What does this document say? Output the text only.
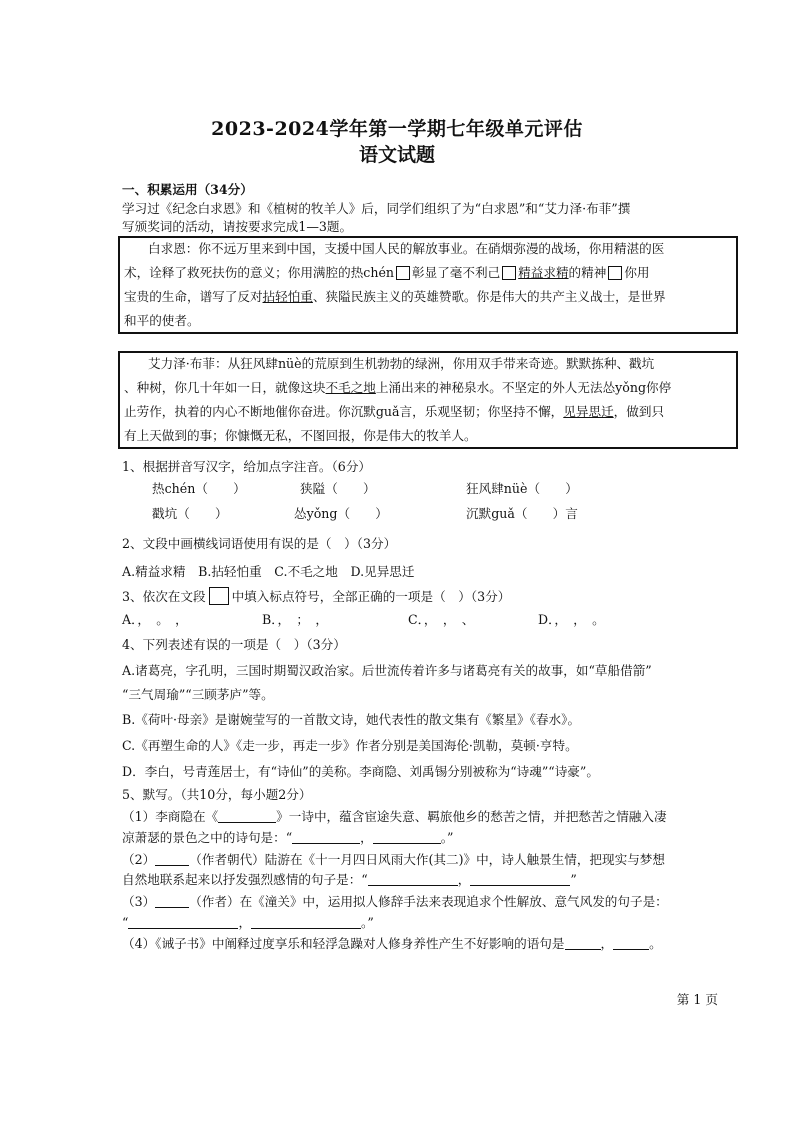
2023-2024学年第一学期七年级单元评估
语文试题
一、积累运用（34分）
学习过《纪念白求恩》和《植树的牧羊人》后，同学们组织了为“白求恩”和“艾力泽·布菲”撰
写颁奖词的活动，请按要求完成1—3题。
白求恩：你不远万里来到中国，支援中国人民的解放事业。在硝烟弥漫的战场，你用精湛的医
术，诠释了救死扶伤的意义；你用满腔的热chén 彰显了毫不利己 精益求精的精神 你用
宝贵的生命，谱写了反对拈轻怕重、狭隘民族主义的英雄赞歌。你是伟大的共产主义战士，是世界
和平的使者。
艾力泽·布菲：从狂风肆nüè的荒原到生机勃勃的绿洲，你用双手带来奇迹。默默拣种、戳坑
、种树，你几十年如一日，就像这块不毛之地上涌出来的神秘泉水。不坚定的外人无法怂yǒng你停
止劳作，执着的内心不断地催你奋进。你沉默guǎ言，乐观坚韧；你坚持不懈，见异思迁，做到只
有上天做到的事；你慷慨无私，不图回报，你是伟大的牧羊人。
1、根据拼音写汉字，给加点字注音。（6分）
热chén（　　）	狭隘（　　）	狂风肆nüè（　　）
戳坑（　　）	怂yǒng（　　）	沉默guǎ（　　）言
2、文段中画横线词语使用有误的是（　）（3分）
A.精益求精　B.拈轻怕重　C.不毛之地　D.见异思迁
3、依次在文段 中填入标点符号，全部正确的一项是（　）（3分）
A．，　。　，	B．，　；　，	C．，　，　、	D．，　，　。
4、下列表述有误的一项是（　）（3分）
A.诸葛亮，字孔明，三国时期蜀汉政治家。后世流传着许多与诸葛亮有关的故事，如“草船借箭”
“三气周瑜”“三顾茅庐”等。
B.《荷叶·母亲》是谢婉莹写的一首散文诗，她代表性的散文集有《繁星》《春水》。
C.《再塑生命的人》《走一步，再走一步》作者分别是美国海伦·凯勒，莫顿·亨特。
D．李白，号青莲居士，有“诗仙”的美称。李商隐、刘禹锡分别被称为“诗魂”“诗豪”。
5、默写。（共10分，每小题2分）
（1）李商隐在《	》一诗中，蕴含宦途失意、羁旅他乡的愁苦之情，并把愁苦之情融入凄
凉萧瑟的景色之中的诗句是：“	，	。”
（2）	（作者朝代）陆游在《十一月四日风雨大作(其二)》中，诗人触景生情，把现实与梦想
自然地联系起来以抒发强烈感情的句子是：“	，	”
（3）	（作者）在《潼关》中，运用拟人修辞手法来表现追求个性解放、意气风发的句子是：
“	，	。”
（4）《诫子书》中阐释过度享乐和轻浮急躁对人修身养性产生不好影响的语句是	，	。
第 1 页
